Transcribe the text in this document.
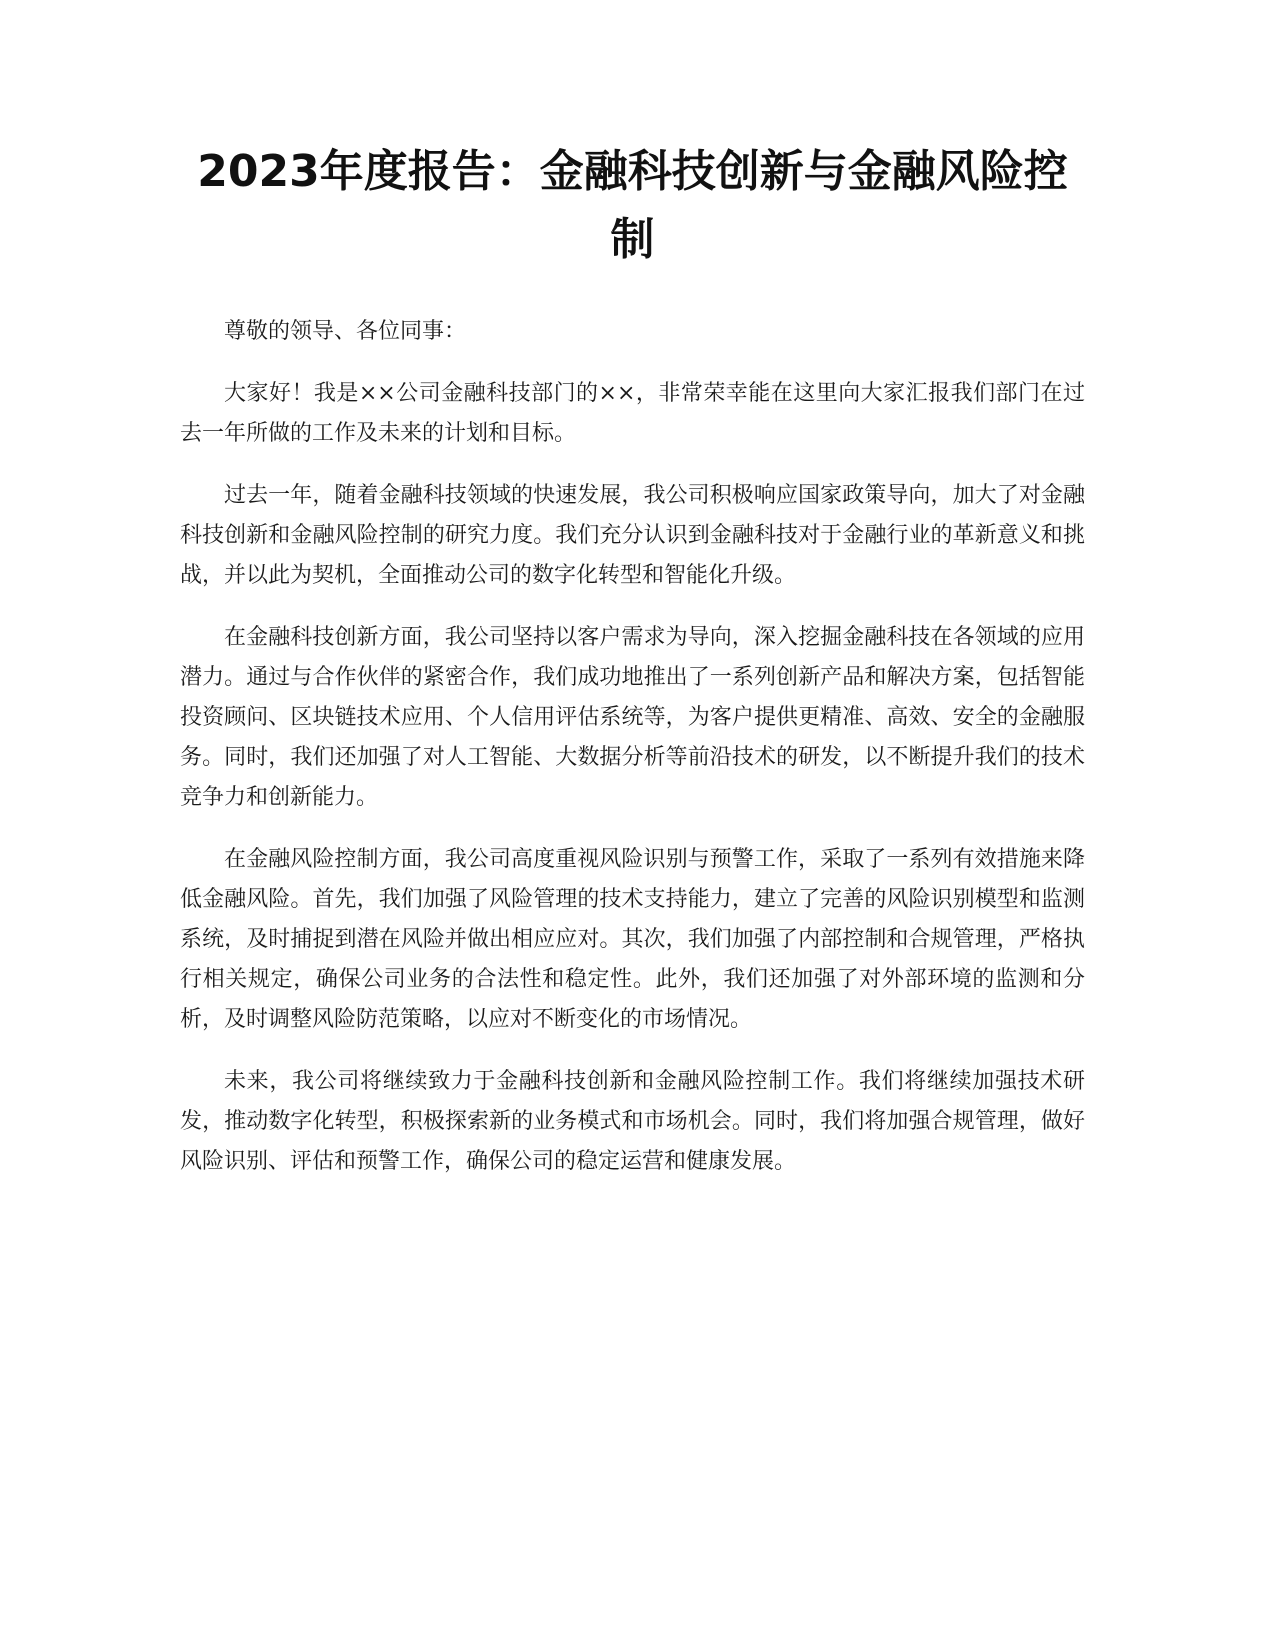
2023年度报告：金融科技创新与金融风险控制

尊敬的领导、各位同事：

大家好！我是××公司金融科技部门的××，非常荣幸能在这里向大家汇报我们部门在过去一年所做的工作及未来的计划和目标。

过去一年，随着金融科技领域的快速发展，我公司积极响应国家政策导向，加大了对金融科技创新和金融风险控制的研究力度。我们充分认识到金融科技对于金融行业的革新意义和挑战，并以此为契机，全面推动公司的数字化转型和智能化升级。

在金融科技创新方面，我公司坚持以客户需求为导向，深入挖掘金融科技在各领域的应用潜力。通过与合作伙伴的紧密合作，我们成功地推出了一系列创新产品和解决方案，包括智能投资顾问、区块链技术应用、个人信用评估系统等，为客户提供更精准、高效、安全的金融服务。同时，我们还加强了对人工智能、大数据分析等前沿技术的研发，以不断提升我们的技术竞争力和创新能力。

在金融风险控制方面，我公司高度重视风险识别与预警工作，采取了一系列有效措施来降低金融风险。首先，我们加强了风险管理的技术支持能力，建立了完善的风险识别模型和监测系统，及时捕捉到潜在风险并做出相应应对。其次，我们加强了内部控制和合规管理，严格执行相关规定，确保公司业务的合法性和稳定性。此外，我们还加强了对外部环境的监测和分析，及时调整风险防范策略，以应对不断变化的市场情况。

未来，我公司将继续致力于金融科技创新和金融风险控制工作。我们将继续加强技术研发，推动数字化转型，积极探索新的业务模式和市场机会。同时，我们将加强合规管理，做好风险识别、评估和预警工作，确保公司的稳定运营和健康发展。
